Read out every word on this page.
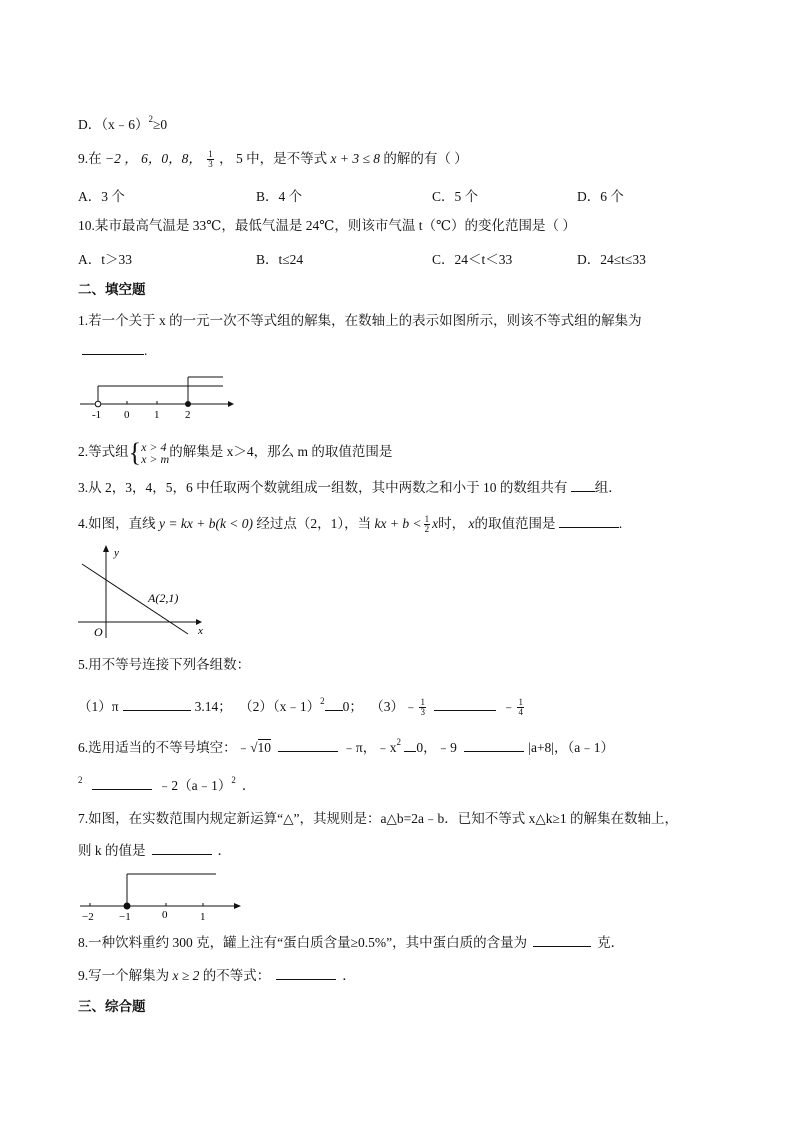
D．（x﹣6）$^2$≥0
9.在 −2 ， 6，0，8， $\frac{1}{3}$ ， 5 中，是不等式 x + 3 ≤ 8 的解的有（ ）
A．3 个	B．4 个	C．5 个	D．6 个
10.某市最高气温是 33℃，最低气温是 24℃，则该市气温 t（℃）的变化范围是（ ）
A．t＞33	B．t≤24	C．24＜t＜33	D．24≤t≤33
二、填空题
1.若一个关于 x 的一元一次不等式组的解集，在数轴上的表示如图所示，则该不等式组的解集为
.
-1 0 1 2
2.等式组{ x > 4
x > m 的解集是 x＞4，那么 m 的取值范围是
3.从 2，3，4，5，6 中任取两个数就组成一组数，其中两数之和小于 10 的数组共有 组．
4.如图，直线 y = kx + b(k < 0) 经过点（2，1），当 kx + $b < \frac{1}{2}$ x时， x的取值范围是	.
y
x
O
A(2,1)
5.用不等号连接下列各组数：
（1）π	3.14； （2）（x﹣1）$^2$ 0； （3）﹣ $\frac{1}{3}$	﹣ $\frac{1}{4}$
6.选用适当的不等号填空：﹣√10	﹣π，$﹣x^2$ 0，﹣9	|a+8|，（a﹣1）
$^2$	﹣2（a﹣1）$^2$ ．
7.如图，在实数范围内规定新运算“△”，其规则是：a△b=2a﹣b．已知不等式 x△k≥1 的解集在数轴上，
则 k 的值是	．
−2 −1	0	1
8.一种饮料重约 300 克，罐上注有“蛋白质含量≥0.5%”，其中蛋白质的含量为	克．
9.写一个解集为 x ≥ 2 的不等式：	．
三、综合题
